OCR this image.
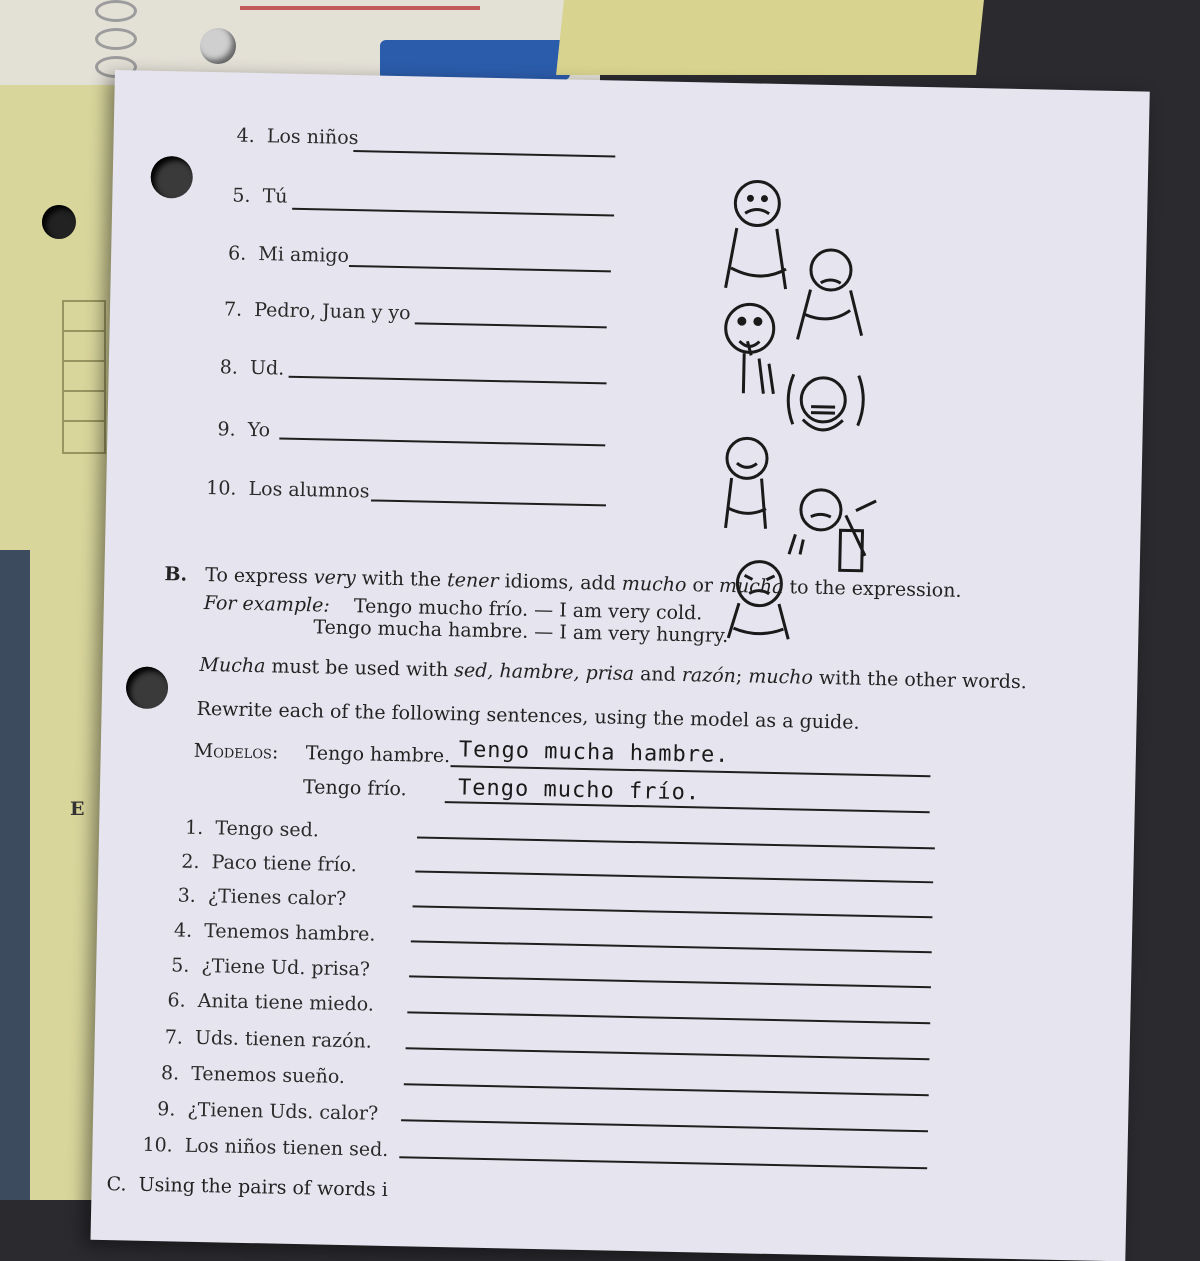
E
4. Los niños
5. Tú
6. Mi amigo
7. Pedro, Juan y yo
8. Ud.
9. Yo
10. Los alumnos
B. To express very with the tener idioms, add mucho or mucha to the expression.
For example: Tengo mucho frío. — I am very cold.
Tengo mucha hambre. — I am very hungry.
Mucha must be used with sed, hambre, prisa and razón; mucho with the other words.
Rewrite each of the following sentences, using the model as a guide.
Modelos: Tengo hambre. Tengo mucha hambre.
Tengo frío. Tengo mucho frío.
1. Tengo sed.
2. Paco tiene frío.
3. ¿Tienes calor?
4. Tenemos hambre.
5. ¿Tiene Ud. prisa?
6. Anita tiene miedo.
7. Uds. tienen razón.
8. Tenemos sueño.
9. ¿Tienen Uds. calor?
10. Los niños tienen sed.
C. Using the pairs of words i
